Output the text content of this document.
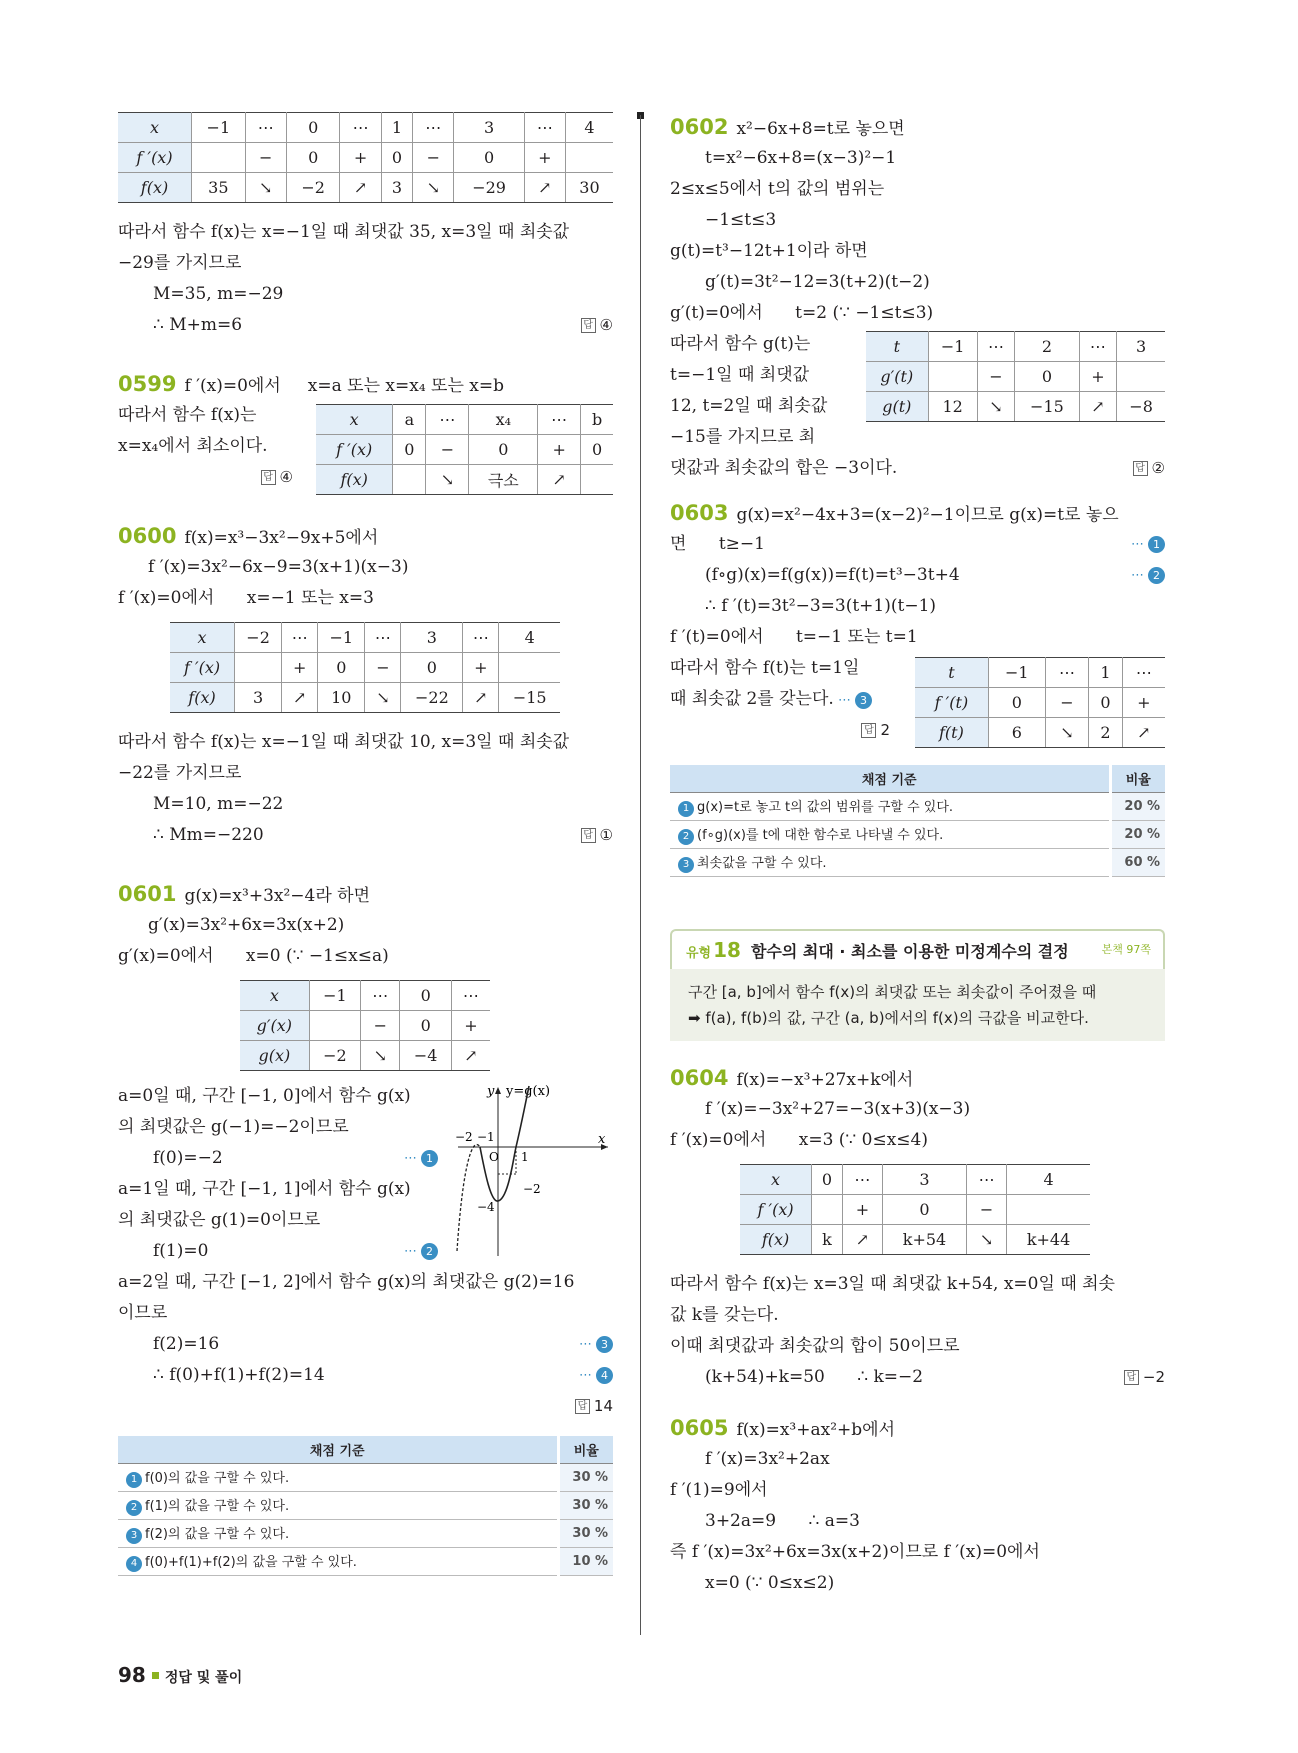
x	−1	⋯	0	⋯	1	⋯	3	⋯	4
f ′(x)		−	0	+	0	−	0	+	
f(x)	35	↘	−2	↗	3	↘	−29	↗	30
따라서 함수 f(x)는 x=−1일 때 최댓값 35, x=3일 때 최솟값
−29를 가지므로
M=35, m=−29
∴ M+m=6	답 ④
0599 f ′(x)=0에서     x=a 또는 x=x₄ 또는 x=b
따라서 함수 f(x)는
x=x₄에서 최소이다.
답 ④
x	a	⋯	x₄	⋯	b
f ′(x)	0	−	0	+	0
f(x)		↘	극소	↗	
0600 f(x)=x³−3x²−9x+5에서
f ′(x)=3x²−6x−9=3(x+1)(x−3)
f ′(x)=0에서      x=−1 또는 x=3
x	−2	⋯	−1	⋯	3	⋯	4
f ′(x)		+	0	−	0	+	
f(x)	3	↗	10	↘	−22	↗	−15
따라서 함수 f(x)는 x=−1일 때 최댓값 10, x=3일 때 최솟값
−22를 가지므로
M=10, m=−22
∴ Mm=−220	답 ①
0601 g(x)=x³+3x²−4라 하면
g′(x)=3x²+6x=3x(x+2)
g′(x)=0에서      x=0 (∵ −1≤x≤a)
x	−1	⋯	0	⋯
g′(x)		−	0	+
g(x)	−2	↘	−4	↗
a=0일 때, 구간 [−1, 0]에서 함수 g(x)
의 최댓값은 g(−1)=−2이므로
f(0)=−2	⋯ 1
a=1일 때, 구간 [−1, 1]에서 함수 g(x)
의 최댓값은 g(1)=0이므로
f(1)=0	⋯ 2
y
x
y=g(x)
O
−2 −1
1
−2
−4
a=2일 때, 구간 [−1, 2]에서 함수 g(x)의 최댓값은 g(2)=16
이므로
f(2)=16	⋯ 3
∴ f(0)+f(1)+f(2)=14	⋯ 4
답 14
채점 기준	비율
1 f(0)의 값을 구할 수 있다.	30 %
2 f(1)의 값을 구할 수 있다.	30 %
3 f(2)의 값을 구할 수 있다.	30 %
4 f(0)+f(1)+f(2)의 값을 구할 수 있다.	10 %
0602 x²−6x+8=t로 놓으면
t=x²−6x+8=(x−3)²−1
2≤x≤5에서 t의 값의 범위는
−1≤t≤3
g(t)=t³−12t+1이라 하면
g′(t)=3t²−12=3(t+2)(t−2)
g′(t)=0에서      t=2 (∵ −1≤t≤3)
따라서 함수 g(t)는
t=−1일 때 최댓값
12, t=2일 때 최솟값
−15를 가지므로 최
댓값과 최솟값의 합은 −3이다.	답 ②
t	−1	⋯	2	⋯	3
g′(t)		−	0	+	
g(t)	12	↘	−15	↗	−8
0603 g(x)=x²−4x+3=(x−2)²−1이므로 g(x)=t로 놓으
면      t≥−1	⋯ 1
(f∘g)(x)=f(g(x))=f(t)=t³−3t+4	⋯ 2
∴ f ′(t)=3t²−3=3(t+1)(t−1)
f ′(t)=0에서      t=−1 또는 t=1
따라서 함수 f(t)는 t=1일
때 최솟값 2를 갖는다. ⋯ 3
답 2
t	−1	⋯	1	⋯
f ′(t)	0	−	0	+
f(t)	6	↘	2	↗
채점 기준	비율
1 g(x)=t로 놓고 t의 값의 범위를 구할 수 있다.	20 %
2 (f∘g)(x)를 t에 대한 함수로 나타낼 수 있다.	20 %
3 최솟값을 구할 수 있다.	60 %
유형 18 함수의 최대 · 최소를 이용한 미정계수의 결정	본책 97쪽
구간 [a, b]에서 함수 f(x)의 최댓값 또는 최솟값이 주어졌을 때
➡ f(a), f(b)의 값, 구간 (a, b)에서의 f(x)의 극값을 비교한다.
0604 f(x)=−x³+27x+k에서
f ′(x)=−3x²+27=−3(x+3)(x−3)
f ′(x)=0에서      x=3 (∵ 0≤x≤4)
x	0	⋯	3	⋯	4
f ′(x)		+	0	−	
f(x)	k	↗	k+54	↘	k+44
따라서 함수 f(x)는 x=3일 때 최댓값 k+54, x=0일 때 최솟
값 k를 갖는다.
이때 최댓값과 최솟값의 합이 50이므로
(k+54)+k=50      ∴ k=−2	답 −2
0605 f(x)=x³+ax²+b에서
f ′(x)=3x²+2ax
f ′(1)=9에서
3+2a=9      ∴ a=3
즉 f ′(x)=3x²+6x=3x(x+2)이므로 f ′(x)=0에서
x=0 (∵ 0≤x≤2)
98 정답 및 풀이
